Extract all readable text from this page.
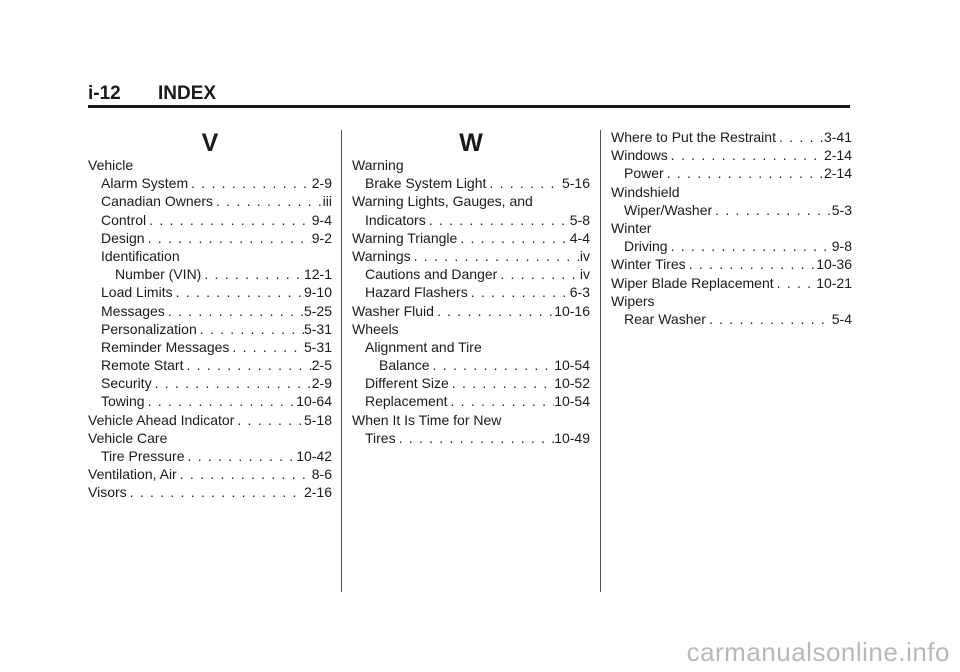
i-12 INDEX
V
Vehicle
Alarm System . . .	2-9
Canadian Owners . . .	iii
Control . . .	9-4
Design . . .	9-2
Identification
Number (VIN) . . .	12-1
Load Limits . . .	9-10
Messages . . .	5-25
Personalization . . .	5-31
Reminder Messages . . .	5-31
Remote Start . . .	2-5
Security . . .	2-9
Towing . . .	10-64
Vehicle Ahead Indicator . . .	5-18
Vehicle Care
Tire Pressure . . .	10-42
Ventilation, Air . . .	8-6
Visors . . .	2-16
W
Warning
Brake System Light . . .	5-16
Warning Lights, Gauges, and
Indicators . . .	5-8
Warning Triangle . . .	4-4
Warnings . . .	iv
Cautions and Danger . . .	iv
Hazard Flashers . . .	6-3
Washer Fluid . . .	10-16
Wheels
Alignment and Tire
Balance . . .	10-54
Different Size . . .	10-52
Replacement . . .	10-54
When It Is Time for New
Tires . . .	10-49
Where to Put the Restraint . . .	3-41
Windows . . .	2-14
Power . . .	2-14
Windshield
Wiper/Washer . . .	5-3
Winter
Driving . . .	9-8
Winter Tires . . .	10-36
Wiper Blade Replacement . . .	10-21
Wipers
Rear Washer . . .	5-4
carmanualsonline.info
